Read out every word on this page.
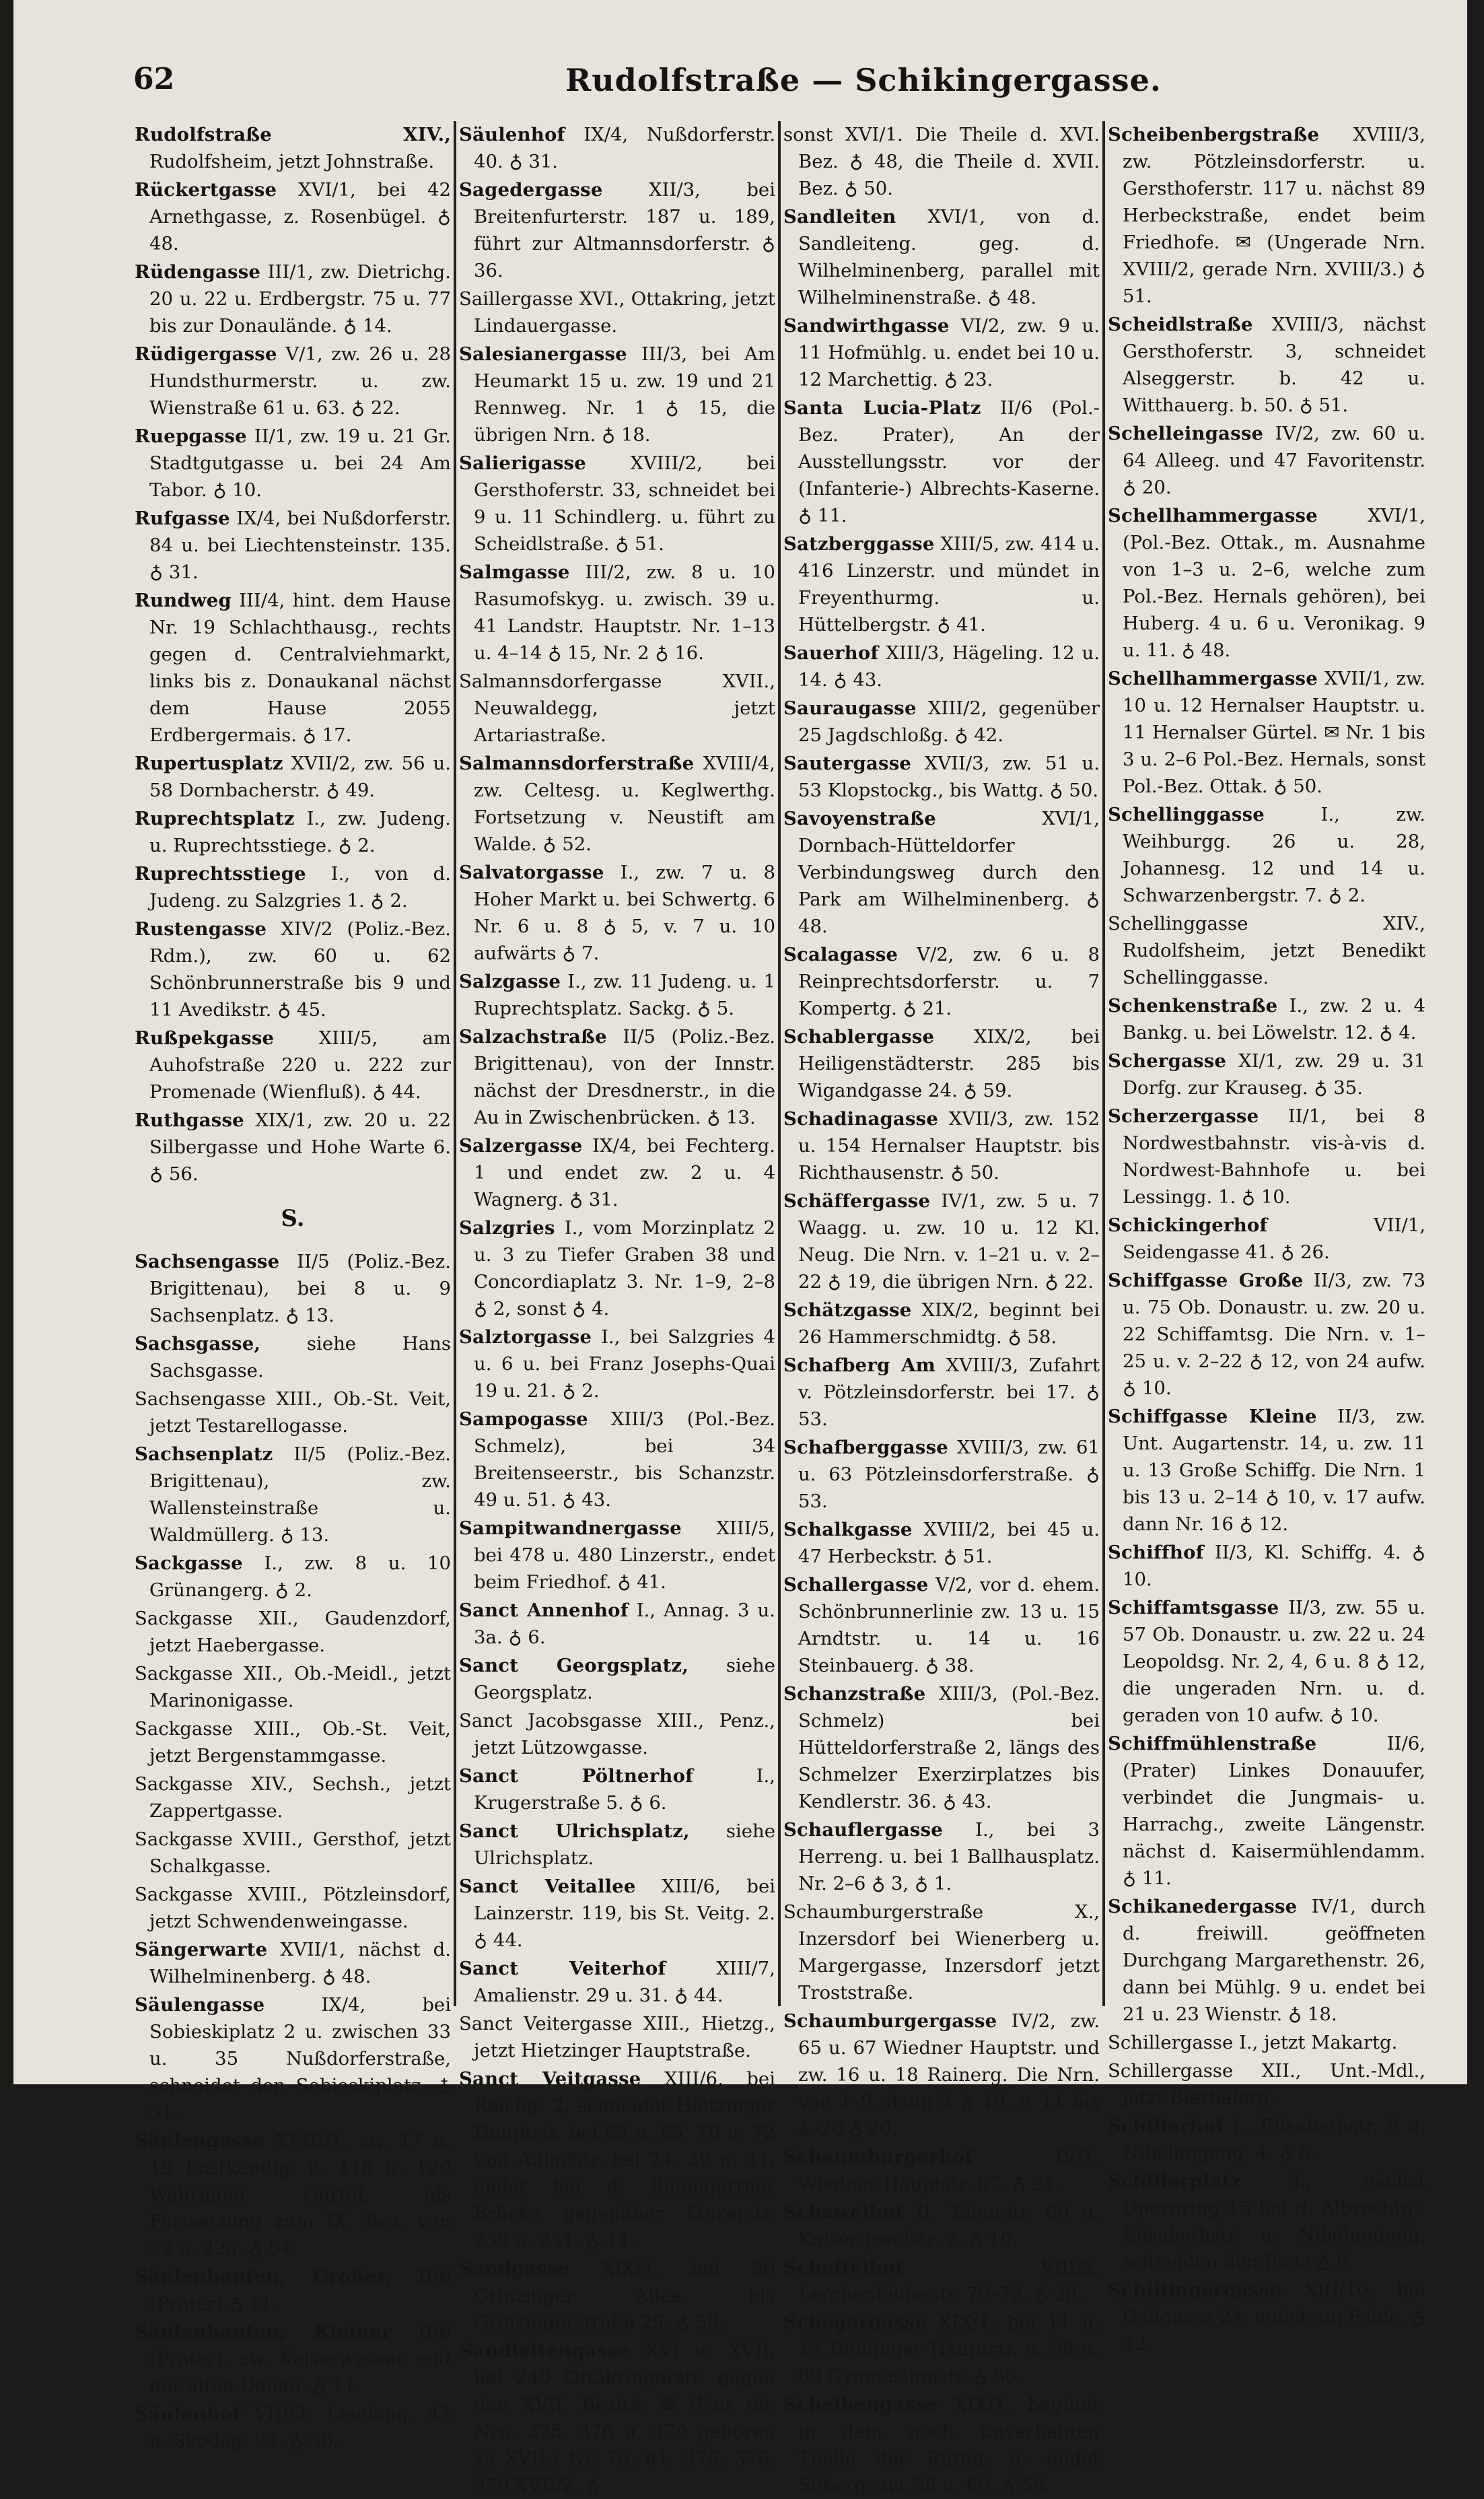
62	Rudolfstraße — Schikingergasse.
Rudolfstraße XIV., Rudolfsheim, jetzt Johnstraße.
Rückertgasse XVI/1, bei 42 Arnethgasse, z. Rosenbügel. ♁ 48.
Rüdengasse III/1, zw. Dietrichg. 20 u. 22 u. Erdbergstr. 75 u. 77 bis zur Donaulände. ♁ 14.
Rüdigergasse V/1, zw. 26 u. 28 Hundsthurmerstr. u. zw. Wienstraße 61 u. 63. ♁ 22.
Ruepgasse II/1, zw. 19 u. 21 Gr. Stadtgutgasse u. bei 24 Am Tabor. ♁ 10.
Rufgasse IX/4, bei Nußdorferstr. 84 u. bei Liechtensteinstr. 135. ♁ 31.
Rundweg III/4, hint. dem Hause Nr. 19 Schlachthausg., rechts gegen d. Centralviehmarkt, links bis z. Donaukanal nächst dem Hause 2055 Erdbergermais. ♁ 17.
Rupertusplatz XVII/2, zw. 56 u. 58 Dornbacherstr. ♁ 49.
Ruprechtsplatz I., zw. Judeng. u. Ruprechtsstiege. ♁ 2.
Ruprechtsstiege I., von d. Judeng. zu Salzgries 1. ♁ 2.
Rustengasse XIV/2 (Poliz.-Bez. Rdm.), zw. 60 u. 62 Schönbrunnerstraße bis 9 und 11 Avedikstr. ♁ 45.
Rußpekgasse XIII/5, am Auhofstraße 220 u. 222 zur Promenade (Wienfluß). ♁ 44.
Ruthgasse XIX/1, zw. 20 u. 22 Silbergasse und Hohe Warte 6. ♁ 56.
S.
Sachsengasse II/5 (Poliz.-Bez. Brigittenau), bei 8 u. 9 Sachsenplatz. ♁ 13.
Sachsgasse, siehe Hans Sachsgasse.
Sachsengasse XIII., Ob.-St. Veit, jetzt Testarellogasse.
Sachsenplatz II/5 (Poliz.-Bez. Brigittenau), zw. Wallensteinstraße u. Waldmüllerg. ♁ 13.
Sackgasse I., zw. 8 u. 10 Grünangerg. ♁ 2.
Sackgasse XII., Gaudenzdorf, jetzt Haebergasse.
Sackgasse XII., Ob.-Meidl., jetzt Marinonigasse.
Sackgasse XIII., Ob.-St. Veit, jetzt Bergenstammgasse.
Sackgasse XIV., Sechsh., jetzt Zappertgasse.
Sackgasse XVIII., Gersthof, jetzt Schalkgasse.
Sackgasse XVIII., Pötzleinsdorf, jetzt Schwendenweingasse.
Sängerwarte XVII/1, nächst d. Wilhelminenberg. ♁ 48.
Säulengasse IX/4, bei Sobieskiplatz 2 u. zwischen 33 u. 35 Nußdorferstraße, schneidet den Sobieskiplatz. ♁ 31.
Säulengasse XVIII/1, zw. 17 u. 19 Lustkandlg. u. 118 u. 120 Währinger Gürtel, als Fortsetzung zum IX. Bez. von 22 u. 22a. ♁ 54.
Säulenhaufen, Großer, II/6 (Prater) ♁ 11.
Säulenhaufen, Kleiner II/6 (Prater), zw. Kaiserwasser und der alten Donau. ♁ 11.
Säulenhof VIII/2, Laudong. 43 u. Skodag. 22. ♁ 30.
Säulenhof IX/4, Nußdorferstr. 40. ♁ 31.
Sagedergasse XII/3, bei Breitenfurterstr. 187 u. 189, führt zur Altmannsdorferstr. ♁ 36.
Saillergasse XVI., Ottakring, jetzt Lindauergasse.
Salesianergasse III/3, bei Am Heumarkt 15 u. zw. 19 und 21 Rennweg. Nr. 1 ♁ 15, die übrigen Nrn. ♁ 18.
Salierigasse XVIII/2, bei Gersthoferstr. 33, schneidet bei 9 u. 11 Schindlerg. u. führt zu Scheidlstraße. ♁ 51.
Salmgasse III/2, zw. 8 u. 10 Rasumofskyg. u. zwisch. 39 u. 41 Landstr. Hauptstr. Nr. 1–13 u. 4–14 ♁ 15, Nr. 2 ♁ 16.
Salmannsdorfergasse XVII., Neuwaldegg, jetzt Artariastraße.
Salmannsdorferstraße XVIII/4, zw. Celtesg. u. Keglwerthg. Fortsetzung v. Neustift am Walde. ♁ 52.
Salvatorgasse I., zw. 7 u. 8 Hoher Markt u. bei Schwertg. 6 Nr. 6 u. 8 ♁ 5, v. 7 u. 10 aufwärts ♁ 7.
Salzgasse I., zw. 11 Judeng. u. 1 Ruprechtsplatz. Sackg. ♁ 5.
Salzachstraße II/5 (Poliz.-Bez. Brigittenau), von der Innstr. nächst der Dresdnerstr., in die Au in Zwischenbrücken. ♁ 13.
Salzergasse IX/4, bei Fechterg. 1 und endet zw. 2 u. 4 Wagnerg. ♁ 31.
Salzgries I., vom Morzinplatz 2 u. 3 zu Tiefer Graben 38 und Concordiaplatz 3. Nr. 1–9, 2–8 ♁ 2, sonst ♁ 4.
Salztorgasse I., bei Salzgries 4 u. 6 u. bei Franz Josephs-Quai 19 u. 21. ♁ 2.
Sampogasse XIII/3 (Pol.-Bez. Schmelz), bei 34 Breitenseerstr., bis Schanzstr. 49 u. 51. ♁ 43.
Sampitwandnergasse XIII/5, bei 478 u. 480 Linzerstr., endet beim Friedhof. ♁ 41.
Sanct Annenhof I., Annag. 3 u. 3a. ♁ 6.
Sanct Georgsplatz, siehe Georgsplatz.
Sanct Jacobsgasse XIII., Penz., jetzt Lützowgasse.
Sanct Pöltnerhof I., Krugerstraße 5. ♁ 6.
Sanct Ulrichsplatz, siehe Ulrichsplatz.
Sanct Veitallee XIII/6, bei Lainzerstr. 119, bis St. Veitg. 2. ♁ 44.
Sanct Veiterhof XIII/7, Amalienstr. 29 u. 31. ♁ 44.
Sanct Veitergasse XIII., Hietzg., jetzt Hietzinger Hauptstraße.
Sanct Veitgasse XIII/6, bei Reichg. 2, schneidet Hietzinger Hauptstr. bei 63 u. 65, 70 u. 72 und Auhofstr. bei 74, 39 u. 41, endet bei d. Baumgartner Brücke gegenüber Linzerstr. 239 u. 241. ♁ 44.
Sandgasse XIX/4, bei 50 Grinzinger Allee, bis Grinzingerstraße 25. ♁ 58.
Sandleitengasse XVI u. XVII, bei 240 Ottakringerstr. gegen den XVII. Bezirk. ✉ (Nur die Nrn. 375, 376 u. 379 gehören zu XVII.) Nr. 79, 81, 375, 376, 379 XVII/2, ♁
sonst XVI/1. Die Theile d. XVI. Bez. ♁ 48, die Theile d. XVII. Bez. ♁ 50.
Sandleiten XVI/1, von d. Sandleiteng. geg. d. Wilhelminenberg, parallel mit Wilhelminenstraße. ♁ 48.
Sandwirthgasse VI/2, zw. 9 u. 11 Hofmühlg. u. endet bei 10 u. 12 Marchettig. ♁ 23.
Santa Lucia-Platz II/6 (Pol.-Bez. Prater), An der Ausstellungsstr. vor der (Infanterie-) Albrechts-Kaserne. ♁ 11.
Satzberggasse XIII/5, zw. 414 u. 416 Linzerstr. und mündet in Freyenthurmg. u. Hüttelbergstr. ♁ 41.
Sauerhof XIII/3, Hägeling. 12 u. 14. ♁ 43.
Sauraugasse XIII/2, gegenüber 25 Jagdschloßg. ♁ 42.
Sautergasse XVII/3, zw. 51 u. 53 Klopstockg., bis Wattg. ♁ 50.
Savoyenstraße XVI/1, Dornbach-Hütteldorfer Verbindungsweg durch den Park am Wilhelminenberg. ♁ 48.
Scalagasse V/2, zw. 6 u. 8 Reinprechtsdorferstr. u. 7 Kompertg. ♁ 21.
Schablergasse XIX/2, bei Heiligenstädterstr. 285 bis Wigandgasse 24. ♁ 59.
Schadinagasse XVII/3, zw. 152 u. 154 Hernalser Hauptstr. bis Richthausenstr. ♁ 50.
Schäffergasse IV/1, zw. 5 u. 7 Waagg. u. zw. 10 u. 12 Kl. Neug. Die Nrn. v. 1–21 u. v. 2–22 ♁ 19, die übrigen Nrn. ♁ 22.
Schätzgasse XIX/2, beginnt bei 26 Hammerschmidtg. ♁ 58.
Schafberg Am XVIII/3, Zufahrt v. Pötzleinsdorferstr. bei 17. ♁ 53.
Schafberggasse XVIII/3, zw. 61 u. 63 Pötzleinsdorferstraße. ♁ 53.
Schalkgasse XVIII/2, bei 45 u. 47 Herbeckstr. ♁ 51.
Schallergasse V/2, vor d. ehem. Schönbrunnerlinie zw. 13 u. 15 Arndtstr. u. 14 u. 16 Steinbauerg. ♁ 38.
Schanzstraße XIII/3, (Pol.-Bez. Schmelz) bei Hütteldorferstraße 2, längs des Schmelzer Exerzirplatzes bis Kendlerstr. 36. ♁ 43.
Schauflergasse I., bei 3 Herreng. u. bei 1 Ballhausplatz. Nr. 2–6 ♁ 3, ♁ 1.
Schaumburgerstraße X., Inzersdorf bei Wienerberg u. Margergasse, Inzersdorf jetzt Troststraße.
Schaumburgergasse IV/2, zw. 65 u. 67 Wiedner Hauptstr. und zw. 16 u. 18 Rainerg. Die Nrn. von 1–9, dann 2 ♁ 19, v. 11 bis 4–20 ♁ 20.
Schaumburgerhof IV/1, Wiedner Hauptstr. 67. ♁ 21.
Schawelhof II. Taborstr. 60 u. Kaiser Josefstr. 2. ♁ 10.
Scheffelhof VIII/2, Lerchenfelderstr. 70–72. ♁ 28.
Schegargasse XIX/1, bei 11 u. 13 Döblinger Hauptstr. u. 58 u. 60 Gymnasiumstr. ♁ 56.
Scheibengasse XIX/1, beginnt in dem noch unverbauten Theile der Ruthg. u. endet Silberg. zw. 58 u. 60. ♁ 56.
Scheibenbergstraße XVIII/3, zw. Pötzleinsdorferstr. u. Gersthoferstr. 117 u. nächst 89 Herbeckstraße, endet beim Friedhofe. ✉ (Ungerade Nrn. XVIII/2, gerade Nrn. XVIII/3.) ♁ 51.
Scheidlstraße XVIII/3, nächst Gersthoferstr. 3, schneidet Alseggerstr. b. 42 u. Witthauerg. b. 50. ♁ 51.
Schelleingasse IV/2, zw. 60 u. 64 Alleeg. und 47 Favoritenstr. ♁ 20.
Schellhammergasse XVI/1, (Pol.-Bez. Ottak., m. Ausnahme von 1–3 u. 2–6, welche zum Pol.-Bez. Hernals gehören), bei Huberg. 4 u. 6 u. Veronikag. 9 u. 11. ♁ 48.
Schellhammergasse XVII/1, zw. 10 u. 12 Hernalser Hauptstr. u. 11 Hernalser Gürtel. ✉ Nr. 1 bis 3 u. 2–6 Pol.-Bez. Hernals, sonst Pol.-Bez. Ottak. ♁ 50.
Schellinggasse I., zw. Weihburgg. 26 u. 28, Johannesg. 12 und 14 u. Schwarzenbergstr. 7. ♁ 2.
Schellinggasse XIV., Rudolfsheim, jetzt Benedikt Schellinggasse.
Schenkenstraße I., zw. 2 u. 4 Bankg. u. bei Löwelstr. 12. ♁ 4.
Schergasse XI/1, zw. 29 u. 31 Dorfg. zur Krauseg. ♁ 35.
Scherzergasse II/1, bei 8 Nordwestbahnstr. vis-à-vis d. Nordwest-Bahnhofe u. bei Lessingg. 1. ♁ 10.
Schickingerhof VII/1, Seidengasse 41. ♁ 26.
Schiffgasse Große II/3, zw. 73 u. 75 Ob. Donaustr. u. zw. 20 u. 22 Schiffamtsg. Die Nrn. v. 1–25 u. v. 2–22 ♁ 12, von 24 aufw. ♁ 10.
Schiffgasse Kleine II/3, zw. Unt. Augartenstr. 14, u. zw. 11 u. 13 Große Schiffg. Die Nrn. 1 bis 13 u. 2–14 ♁ 10, v. 17 aufw. dann Nr. 16 ♁ 12.
Schiffhof II/3, Kl. Schiffg. 4. ♁ 10.
Schiffamtsgasse II/3, zw. 55 u. 57 Ob. Donaustr. u. zw. 22 u. 24 Leopoldsg. Nr. 2, 4, 6 u. 8 ♁ 12, die ungeraden Nrn. u. d. geraden von 10 aufw. ♁ 10.
Schiffmühlenstraße II/6, (Prater) Linkes Donauufer, verbindet die Jungmais- u. Harrachg., zweite Längenstr. nächst d. Kaisermühlendamm. ♁ 11.
Schikanedergasse IV/1, durch d. freiwill. geöffneten Durchgang Margarethenstr. 26, dann bei Mühlg. 9 u. endet bei 21 u. 23 Wienstr. ♁ 18.
Schillergasse I., jetzt Makartg.
Schillergasse XII., Unt.-Mdl., jetzt Bierhalerg.
Schillerhof I., Elisabethstr. 9 u. Nibelungeng. 4. ♁ 6.
Schillerplatz I., nächst Opernring 15 bei d. Albrechtg.; Elisabethstr. u. Nibelungeng. schneiden den Platz ♁ 6.
Schillingergasse XIII/10, bei Gallgasse 24, endet am Felde. ♁ 42.
